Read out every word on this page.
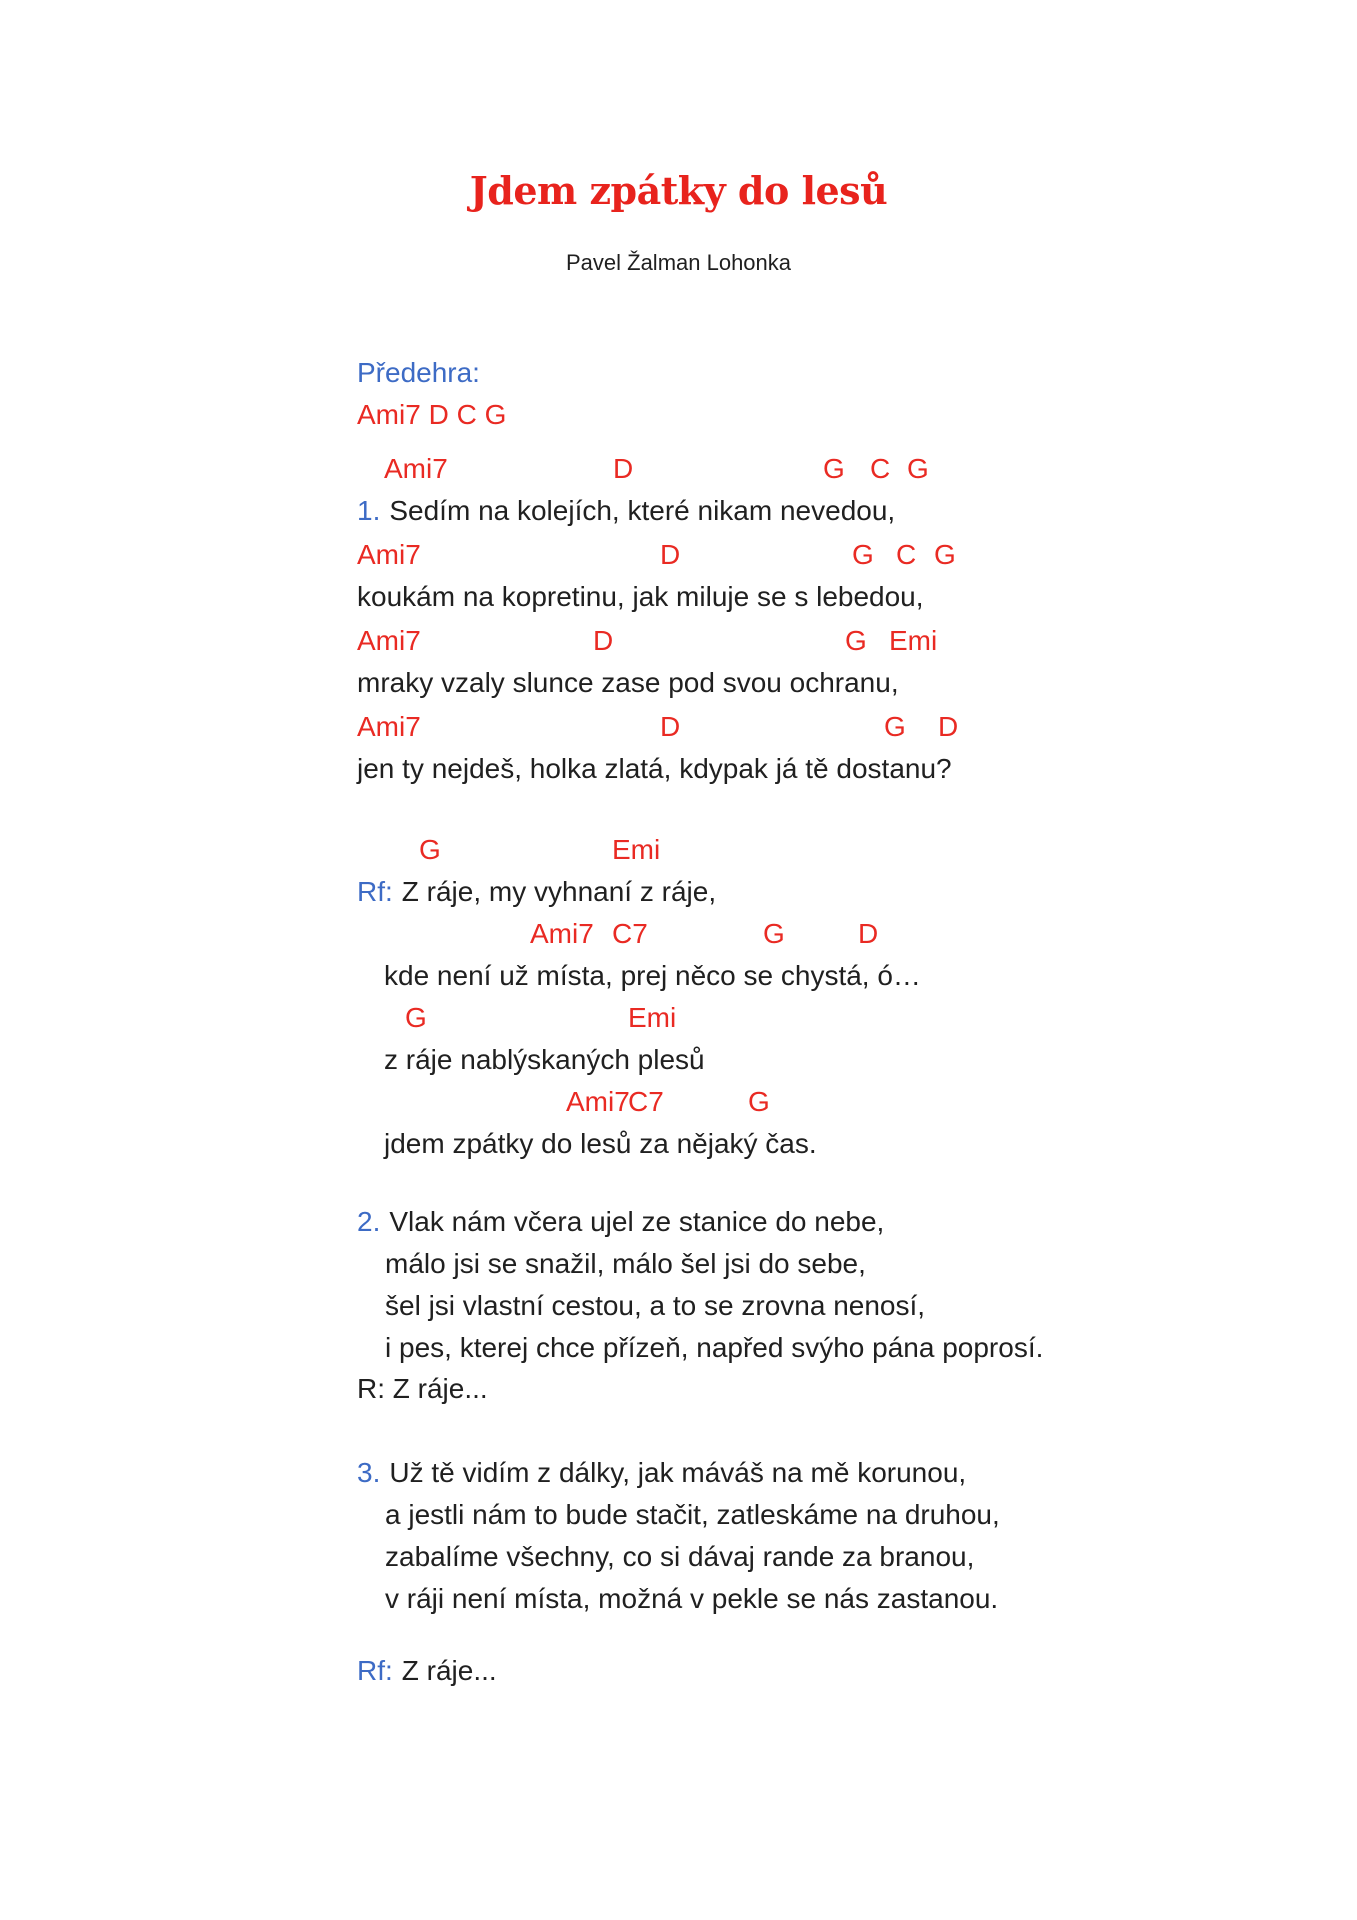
Jdem zpátky do lesů
Pavel Žalman Lohonka
Předehra:
Ami7 D C G
Ami7	D	G C G
1. Sedím na kolejích, které nikam nevedou,
Ami7	D	G C G
koukám na kopretinu, jak miluje se s lebedou,
Ami7	D	G Emi
mraky vzaly slunce zase pod svou ochranu,
Ami7	D	G D
jen ty nejdeš, holka zlatá, kdypak já tě dostanu?
G	Emi
Rf: Z ráje, my vyhnaní z ráje,
Ami7 C7	G	D
kde není už místa, prej něco se chystá, ó…
G	Emi
z ráje nablýskaných plesů
Ami7
C7	G
jdem zpátky do lesů za nějaký čas.
2. Vlak nám včera ujel ze stanice do nebe,
málo jsi se snažil, málo šel jsi do sebe,
šel jsi vlastní cestou, a to se zrovna nenosí,
i pes, kterej chce přízeň, napřed svýho pána poprosí.
R: Z ráje...
3. Už tě vidím z dálky, jak máváš na mě korunou,
a jestli nám to bude stačit, zatleskáme na druhou,
zabalíme všechny, co si dávaj rande za branou,
v ráji není místa, možná v pekle se nás zastanou.
Rf: Z ráje...
